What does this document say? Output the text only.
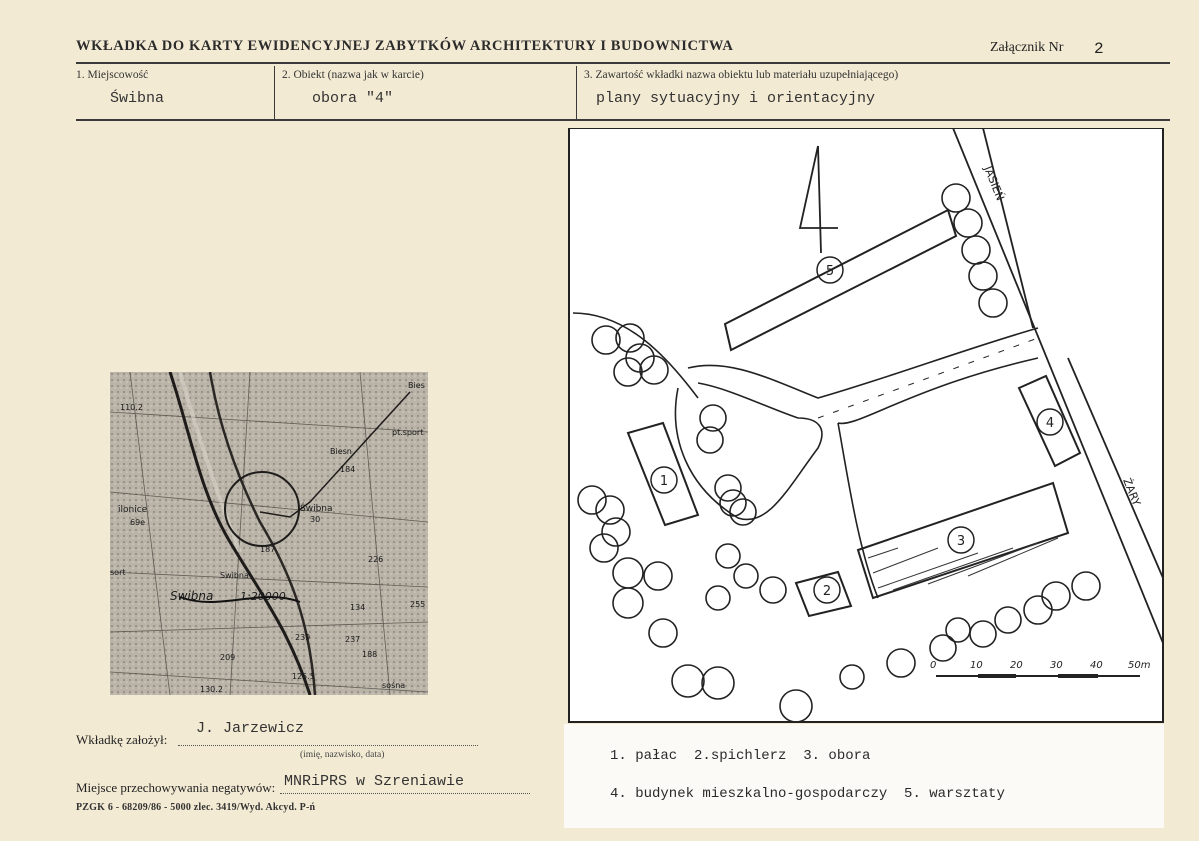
WKŁADKA DO KARTY EWIDENCYJNEJ ZABYTKÓW ARCHITEKTURY I BUDOWNICTWA	Załącznik Nr 2
1. Miejscowość
Świbna
2. Obiekt (nazwa jak w karcie)
obora "4"
3. Zawartość wkładki nazwa obiektu lub materiału uzupełniającego)
plany sytuacyjny i orientacyjny
110.2
Bies
pt.sport
Biesn
184
Świbna
30
ilonice
69e
sort
187
226
Swibna
1:20000
134	255
239	237
188
209
125.5
sośna
130.2
Swibna
1
2
3
4
5
JASIEŃ
ŻARY
0	10	20	30	40	50m
1. pałac  2.spichlerz  3. obora
4. budynek mieszkalno-gospodarczy  5. warsztaty
Wkładkę założył:
J. Jarzewicz
(imię, nazwisko, data)
Miejsce przechowywania negatywów: MNRiPRS w Szreniawie
PZGK 6 - 68209/86 - 5000 zlec. 3419/Wyd. Akcyd. P-ń
